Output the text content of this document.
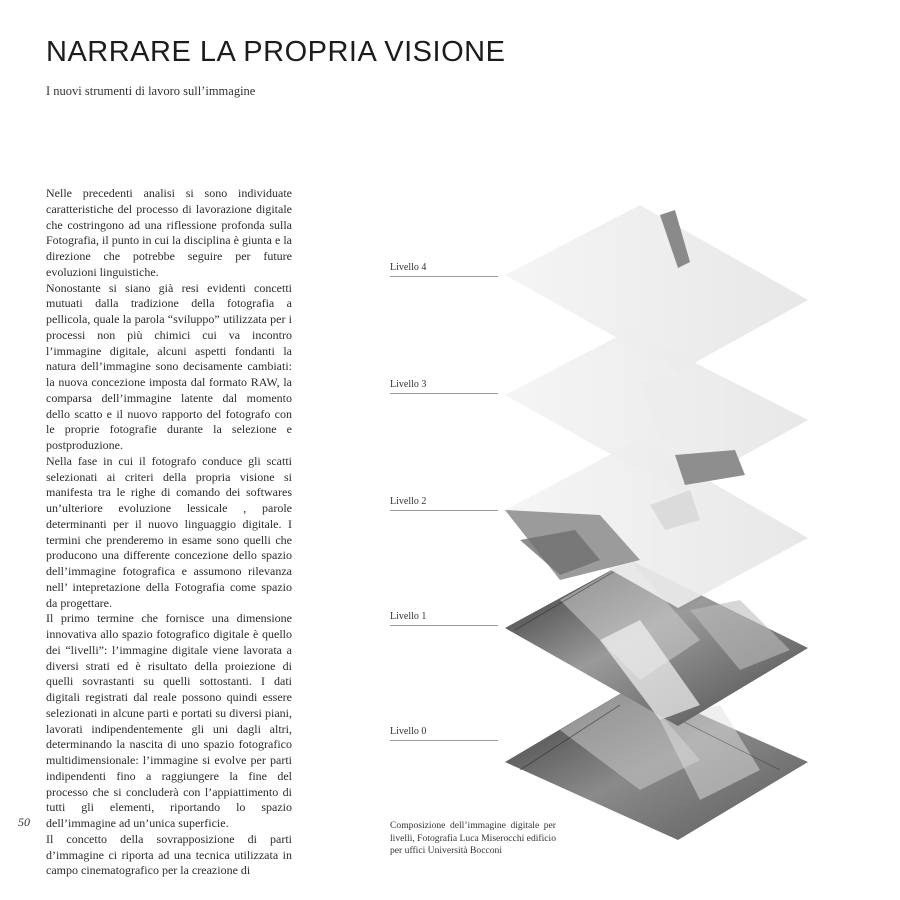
NARRARE LA PROPRIA VISIONE
I nuovi strumenti di lavoro sull’immagine

Nelle precedenti analisi si sono individuate caratteristiche del processo di lavorazione digitale che costringono ad una riflessione profonda sulla Fotografia, il punto in cui la disciplina è giunta e la direzione che potrebbe seguire per future evoluzioni linguistiche.

Nonostante si siano già resi evidenti concetti mutuati dalla tradizione della fotografia a pellicola, quale la parola “sviluppo” utilizzata per i processi non più chimici cui va incontro l’immagine digitale, alcuni aspetti fondanti la natura dell’immagine sono decisamente cambiati: la nuova concezione imposta dal formato RAW, la comparsa dell’immagine latente dal momento dello scatto e il nuovo rapporto del fotografo con le proprie fotografie durante la selezione e postproduzione.

Nella fase in cui il fotografo conduce gli scatti selezionati ai criteri della propria visione si manifesta tra le righe di comando dei softwares un’ulteriore evoluzione lessicale , parole determinanti per il nuovo linguaggio digitale. I termini che prenderemo in esame sono quelli che producono una differente concezione dello spazio dell’immagine fotografica e assumono rilevanza nell’ intepretazione della Fotografia come spazio da progettare.

Il primo termine che fornisce una dimensione innovativa allo spazio fotografico digitale è quello dei “livelli”: l’immagine digitale viene lavorata a diversi strati ed è risultato della proiezione di quelli sovrastanti su quelli sottostanti. I dati digitali registrati dal reale possono quindi essere selezionati in alcune parti e portati su diversi piani, lavorati indipendentemente gli uni dagli altri, determinando la nascita di uno spazio fotografico multidimensionale: l’immagine si evolve per parti indipendenti fino a raggiungere la fine del processo che si concluderà con l’appiattimento di tutti gli elementi, riportando lo spazio dell’immagine ad un’unica superficie.

Il concetto della sovrapposizione di parti d’immagine ci riporta ad una tecnica utilizzata in campo cinematografico per la creazione di

50
Livello 4
Livello 3
Livello 2
Livello 1
Livello 0
Composizione dell’immagine digitale per livelli, Fotografia Luca Miserocchi edificio per uffici Università Bocconi
